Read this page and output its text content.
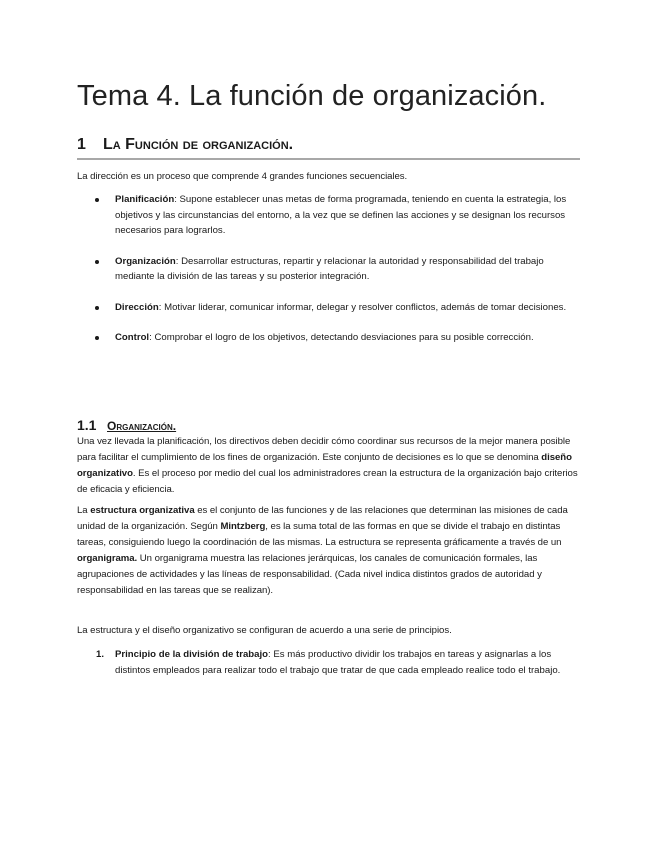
Tema 4. La función de organización.
1	La Función de organización.

La dirección es un proceso que comprende 4 grandes funciones secuenciales.

Planificación: Supone establecer unas metas de forma programada, teniendo en cuenta la estrategia, los objetivos y las circunstancias del entorno, a la vez que se definen las acciones y se designan los recursos necesarios para lograrlos.
Organización: Desarrollar estructuras, repartir y relacionar la autoridad y responsabilidad del trabajo mediante la división de las tareas y su posterior integración.
Dirección: Motivar liderar, comunicar informar, delegar y resolver conflictos, además de tomar decisiones.
Control: Comprobar el logro de los objetivos, detectando desviaciones para su posible corrección.
1.1 Organización.

Una vez llevada la planificación, los directivos deben decidir cómo coordinar sus recursos de la mejor manera posible para facilitar el cumplimiento de los fines de organización. Este conjunto de decisiones es lo que se denomina diseño organizativo. Es el proceso por medio del cual los administradores crean la estructura de la organización bajo criterios de eficacia y eficiencia.

La estructura organizativa es el conjunto de las funciones y de las relaciones que determinan las misiones de cada unidad de la organización. Según Mintzberg, es la suma total de las formas en que se divide el trabajo en distintas tareas, consiguiendo luego la coordinación de las mismas. La estructura se representa gráficamente a través de un organigrama. Un organigrama muestra las relaciones jerárquicas, los canales de comunicación formales, las agrupaciones de actividades y las líneas de responsabilidad. (Cada nivel indica distintos grados de autoridad y responsabilidad en las tareas que se realizan).

La estructura y el diseño organizativo se configuran de acuerdo a una serie de principios.

1. Principio de la división de trabajo: Es más productivo dividir los trabajos en tareas y asignarlas a los distintos empleados para realizar todo el trabajo que tratar de que cada empleado realice todo el trabajo.
